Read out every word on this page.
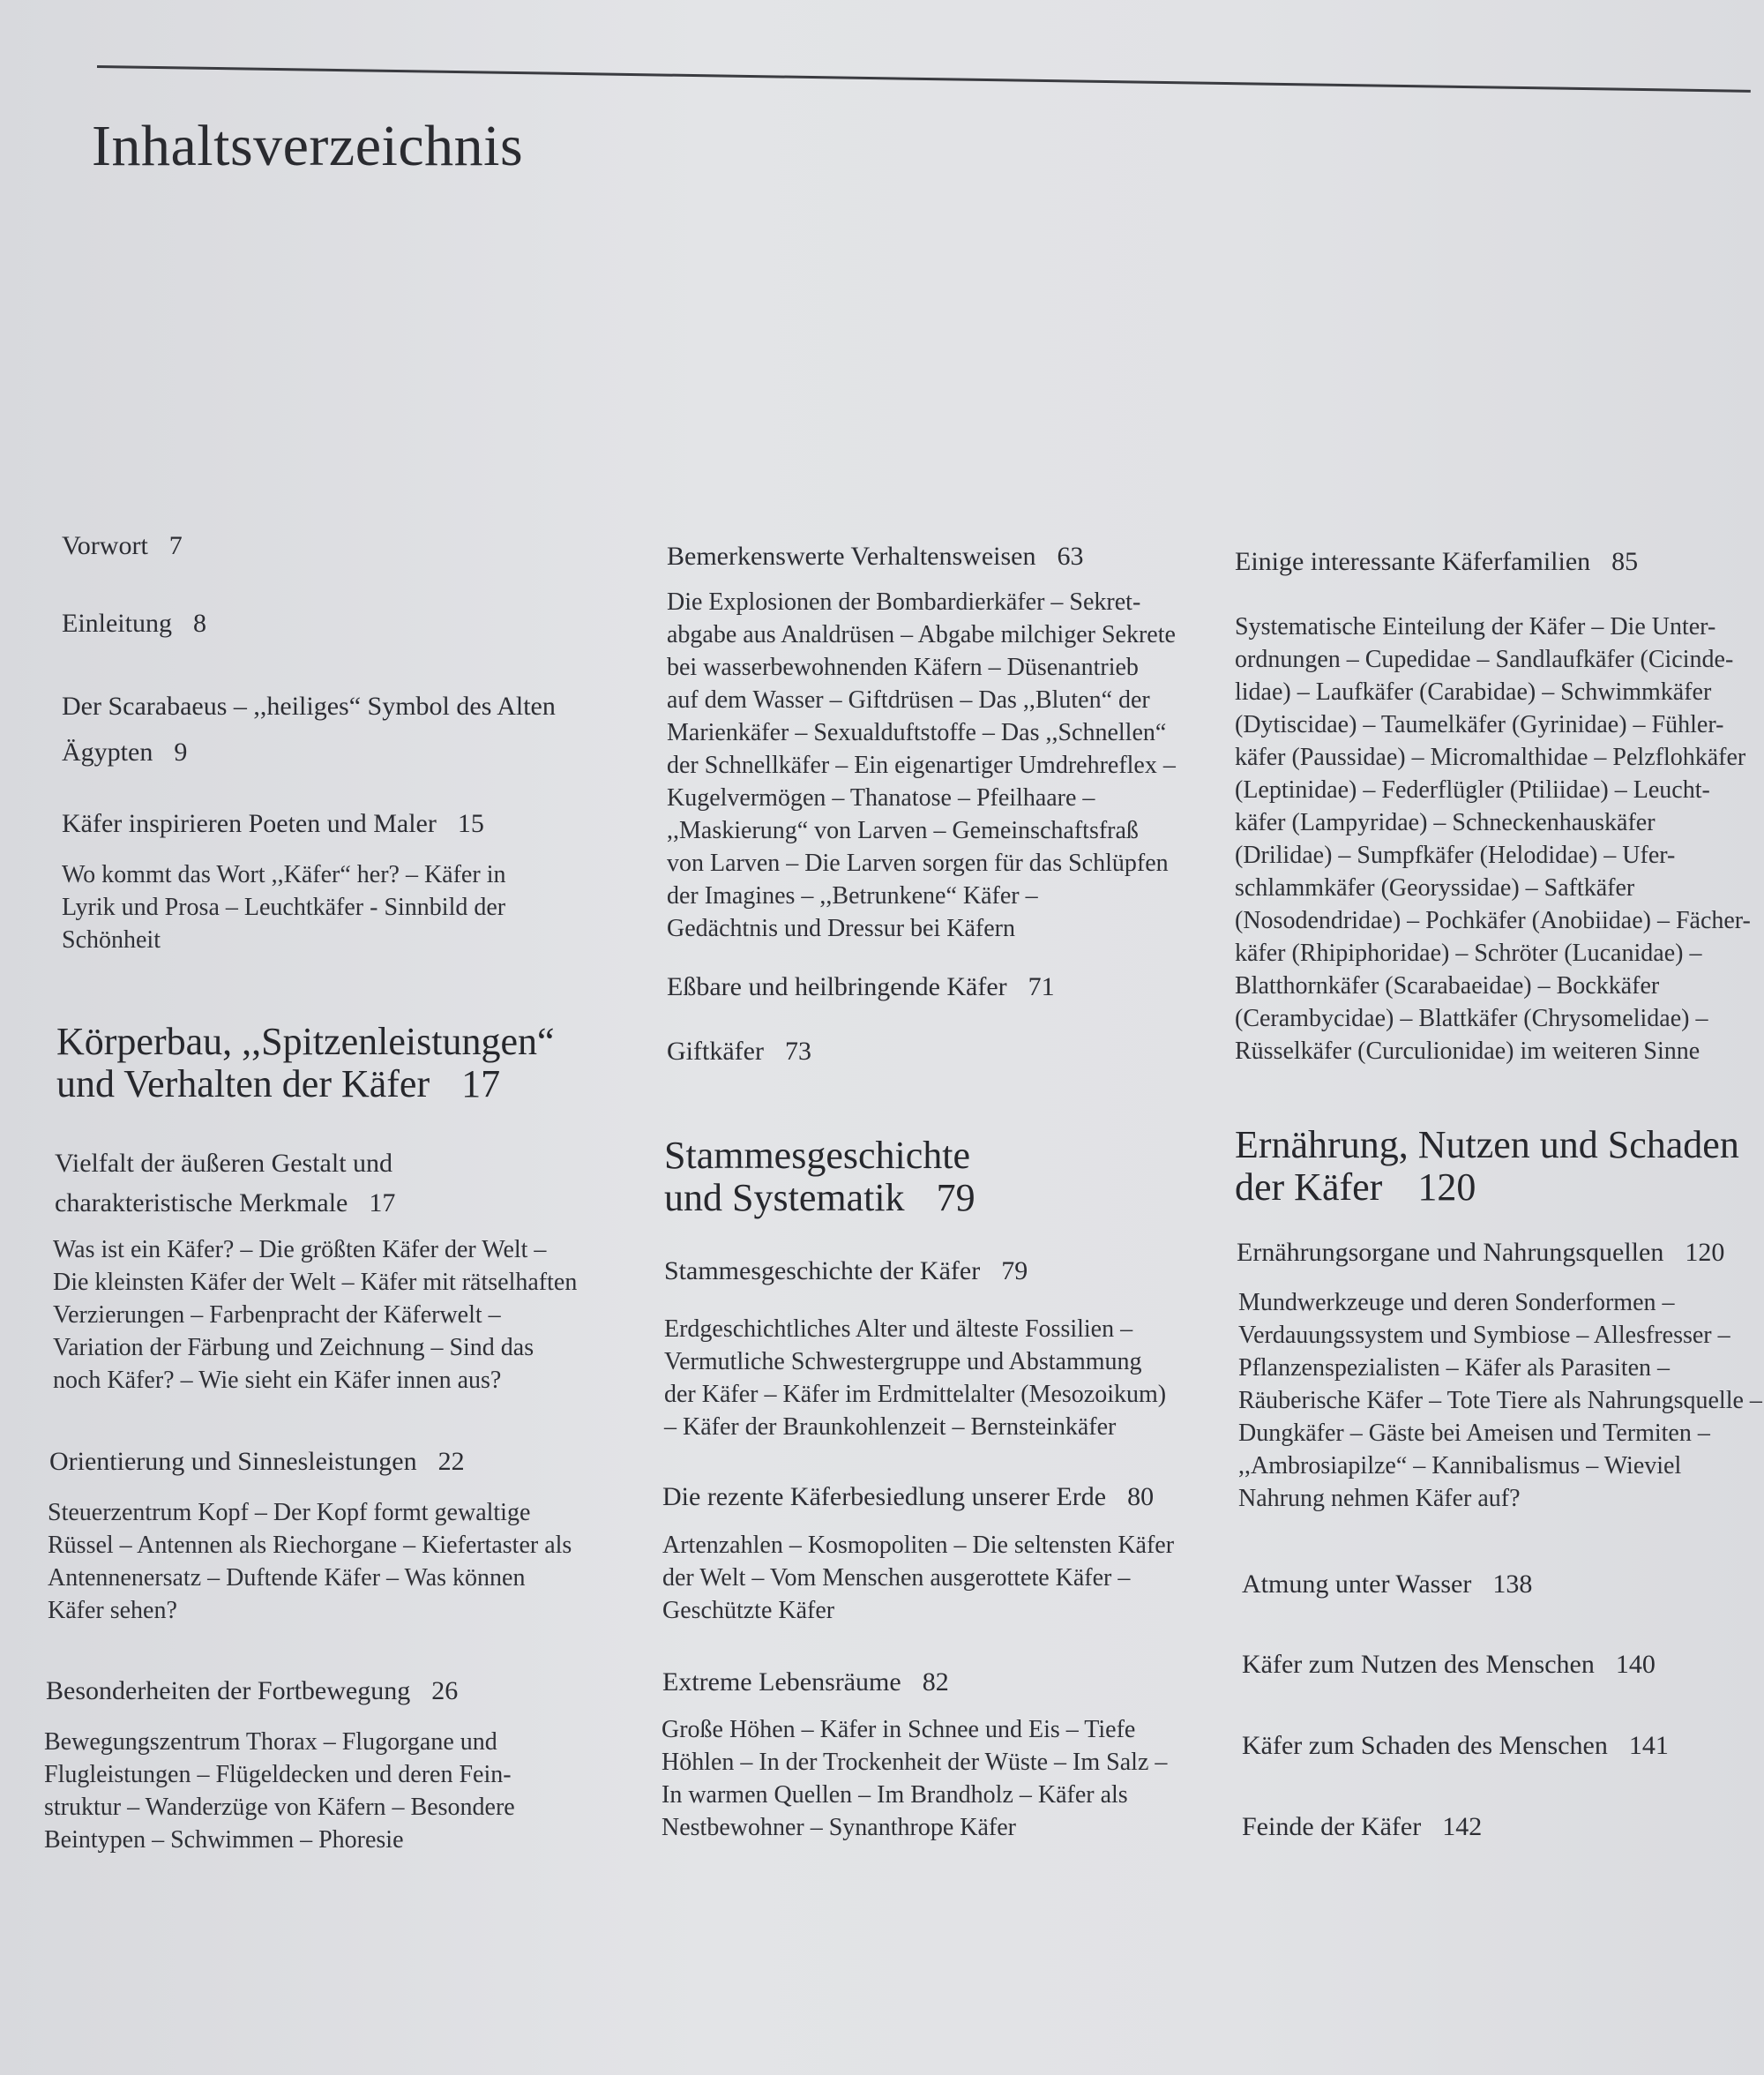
Inhaltsverzeichnis
Vorwort 7
Einleitung 8
Der Scarabaeus – ,,heiliges“ Symbol des Alten
Ägypten 9
Käfer inspirieren Poeten und Maler 15

Wo kommt das Wort ,,Käfer“ her? – Käfer in

Lyrik und Prosa – Leuchtkäfer - Sinnbild der

Schönheit

Körperbau, ,,Spitzenleistungen“
und Verhalten der Käfer 17
Vielfalt der äußeren Gestalt und
charakteristische Merkmale 17

Was ist ein Käfer? – Die größten Käfer der Welt –

Die kleinsten Käfer der Welt – Käfer mit rätselhaften

Verzierungen – Farbenpracht der Käferwelt –

Variation der Färbung und Zeichnung – Sind das

noch Käfer? – Wie sieht ein Käfer innen aus?

Orientierung und Sinnesleistungen 22

Steuerzentrum Kopf – Der Kopf formt gewaltige

Rüssel – Antennen als Riechorgane – Kiefertaster als

Antennenersatz – Duftende Käfer – Was können

Käfer sehen?

Besonderheiten der Fortbewegung 26

Bewegungszentrum Thorax – Flugorgane und

Flugleistungen – Flügeldecken und deren Fein-

struktur – Wanderzüge von Käfern – Besondere

Beintypen – Schwimmen – Phoresie

Bemerkenswerte Verhaltensweisen 63

Die Explosionen der Bombardierkäfer – Sekret-

abgabe aus Analdrüsen – Abgabe milchiger Sekrete

bei wasserbewohnenden Käfern – Düsenantrieb

auf dem Wasser – Giftdrüsen – Das ,,Bluten“ der

Marienkäfer – Sexualduftstoffe – Das ,,Schnellen“

der Schnellkäfer – Ein eigenartiger Umdrehreflex –

Kugelvermögen – Thanatose – Pfeilhaare –

,,Maskierung“ von Larven – Gemeinschaftsfraß

von Larven – Die Larven sorgen für das Schlüpfen

der Imagines – ,,Betrunkene“ Käfer –

Gedächtnis und Dressur bei Käfern

Eßbare und heilbringende Käfer 71
Giftkäfer 73
Stammesgeschichte
und Systematik 79
Stammesgeschichte der Käfer 79

Erdgeschichtliches Alter und älteste Fossilien –

Vermutliche Schwestergruppe und Abstammung

der Käfer – Käfer im Erdmittelalter (Mesozoikum)

– Käfer der Braunkohlenzeit – Bernsteinkäfer

Die rezente Käferbesiedlung unserer Erde 80

Artenzahlen – Kosmopoliten – Die seltensten Käfer

der Welt – Vom Menschen ausgerottete Käfer –

Geschützte Käfer

Extreme Lebensräume 82

Große Höhen – Käfer in Schnee und Eis – Tiefe

Höhlen – In der Trockenheit der Wüste – Im Salz –

In warmen Quellen – Im Brandholz – Käfer als

Nestbewohner – Synanthrope Käfer

Einige interessante Käferfamilien 85

Systematische Einteilung der Käfer – Die Unter-

ordnungen – Cupedidae – Sandlaufkäfer (Cicinde-

lidae) – Laufkäfer (Carabidae) – Schwimmkäfer

(Dytiscidae) – Taumelkäfer (Gyrinidae) – Fühler-

käfer (Paussidae) – Micromalthidae – Pelzflohkäfer

(Leptinidae) – Federflügler (Ptiliidae) – Leucht-

käfer (Lampyridae) – Schneckenhauskäfer

(Drilidae) – Sumpfkäfer (Helodidae) – Ufer-

schlammkäfer (Georyssidae) – Saftkäfer

(Nosodendridae) – Pochkäfer (Anobiidae) – Fächer-

käfer (Rhipiphoridae) – Schröter (Lucanidae) –

Blatthornkäfer (Scarabaeidae) – Bockkäfer

(Cerambycidae) – Blattkäfer (Chrysomelidae) –

Rüsselkäfer (Curculionidae) im weiteren Sinne

Ernährung, Nutzen und Schaden
der Käfer 120
Ernährungsorgane und Nahrungsquellen 120

Mundwerkzeuge und deren Sonderformen –

Verdauungssystem und Symbiose – Allesfresser –

Pflanzenspezialisten – Käfer als Parasiten –

Räuberische Käfer – Tote Tiere als Nahrungsquelle –

Dungkäfer – Gäste bei Ameisen und Termiten –

,,Ambrosiapilze“ – Kannibalismus – Wieviel

Nahrung nehmen Käfer auf?

Atmung unter Wasser 138
Käfer zum Nutzen des Menschen 140
Käfer zum Schaden des Menschen 141
Feinde der Käfer 142
